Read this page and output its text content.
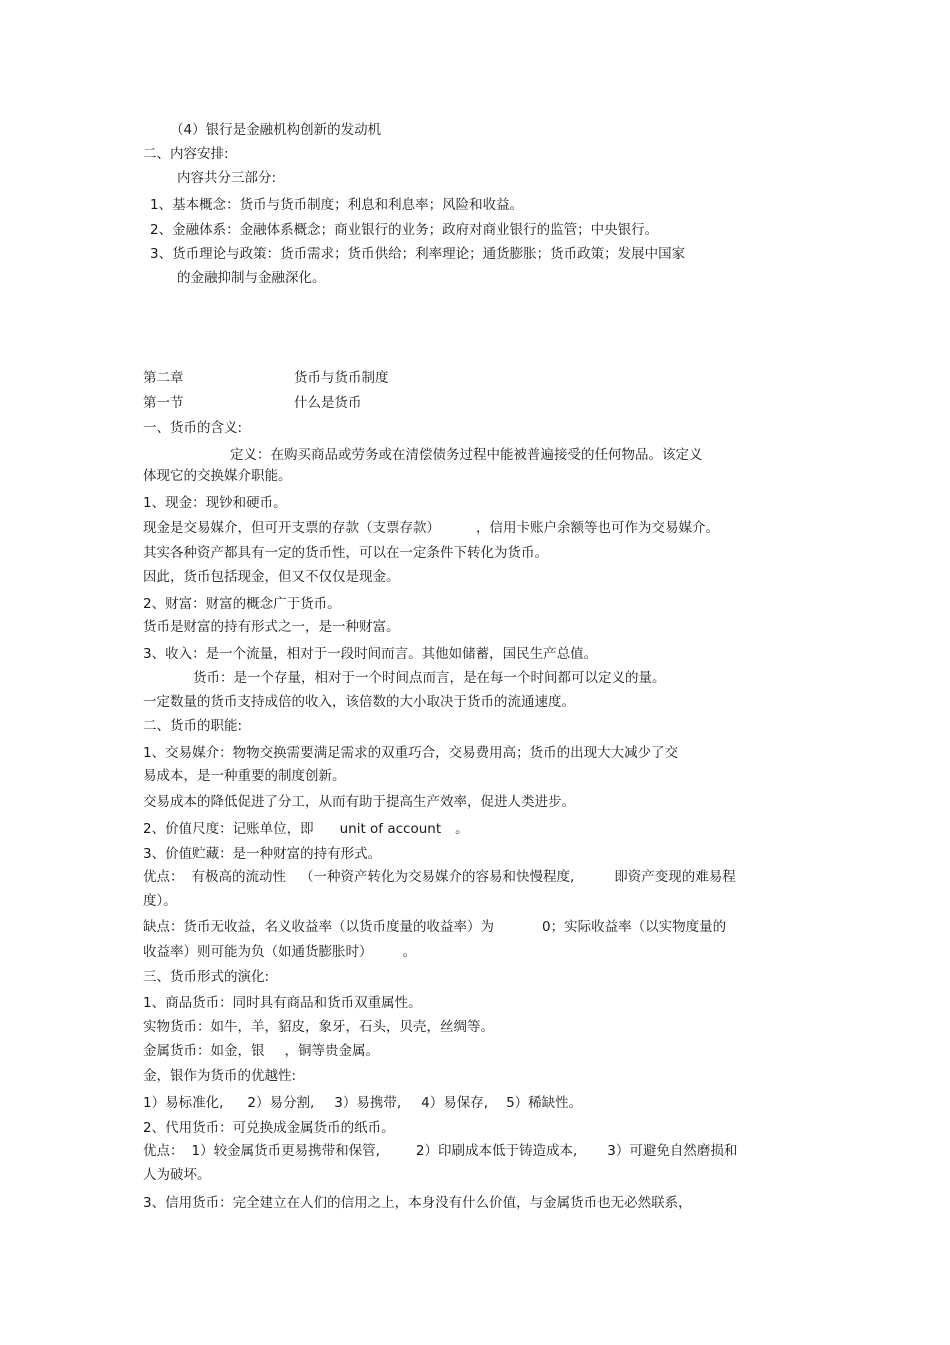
（4）银行是金融机构创新的发动机
二、内容安排:
内容共分三部分:
1、基本概念：货币与货币制度；利息和利息率；风险和收益。
2、金融体系：金融体系概念；商业银行的业务；政府对商业银行的监管；中央银行。
3、货币理论与政策：货币需求；货币供给；利率理论；通货膨胀；货币政策；发展中国家
的金融抑制与金融深化。
第二章	货币与货币制度
第一节	什么是货币
一、货币的含义:
定义：在购买商品或劳务或在清偿债务过程中能被普遍接受的任何物品。该定义
体现它的交换媒介职能。
1、现金：现钞和硬币。
现金是交易媒介，但可开支票的存款（支票存款）	，信用卡账户余额等也可作为交易媒介。
其实各种资产都具有一定的货币性，可以在一定条件下转化为货币。
因此，货币包括现金，但又不仅仅是现金。
2、财富：财富的概念广于货币。
货币是财富的持有形式之一，是一种财富。
3、收入：是一个流量，相对于一段时间而言。其他如储蓄，国民生产总值。
货币：是一个存量，相对于一个时间点而言，是在每一个时间都可以定义的量。
一定数量的货币支持成倍的收入，该倍数的大小取决于货币的流通速度。
二、货币的职能:
1、交易媒介：物物交换需要满足需求的双重巧合，交易费用高；货币的出现大大减少了交
易成本，是一种重要的制度创新。
交易成本的降低促进了分工，从而有助于提高生产效率，促进人类进步。
2、价值尺度：记账单位，即 unit of account 。
3、价值贮藏：是一种财富的持有形式。
优点： 有极高的流动性 （一种资产转化为交易媒介的容易和快慢程度,	即资产变现的难易程
度）。
缺点：货币无收益，名义收益率（以货币度量的收益率）为	0；实际收益率（以实物度量的
收益率）则可能为负（如通货膨胀时） 。
三、货币形式的演化:
1、商品货币：同时具有商品和货币双重属性。
实物货币：如牛，羊，貂皮，象牙，石头，贝壳，丝绸等。
金属货币：如金，银 ，铜等贵金属。
金，银作为货币的优越性:
1）易标准化, 2）易分割, 3）易携带, 4）易保存, 5）稀缺性。
2、代用货币：可兑换成金属货币的纸币。
优点： 1）较金属货币更易携带和保管,	2）印刷成本低于铸造成本, 3）可避免自然磨损和
人为破坏。
3、信用货币：完全建立在人们的信用之上，本身没有什么价值，与金属货币也无必然联系，
